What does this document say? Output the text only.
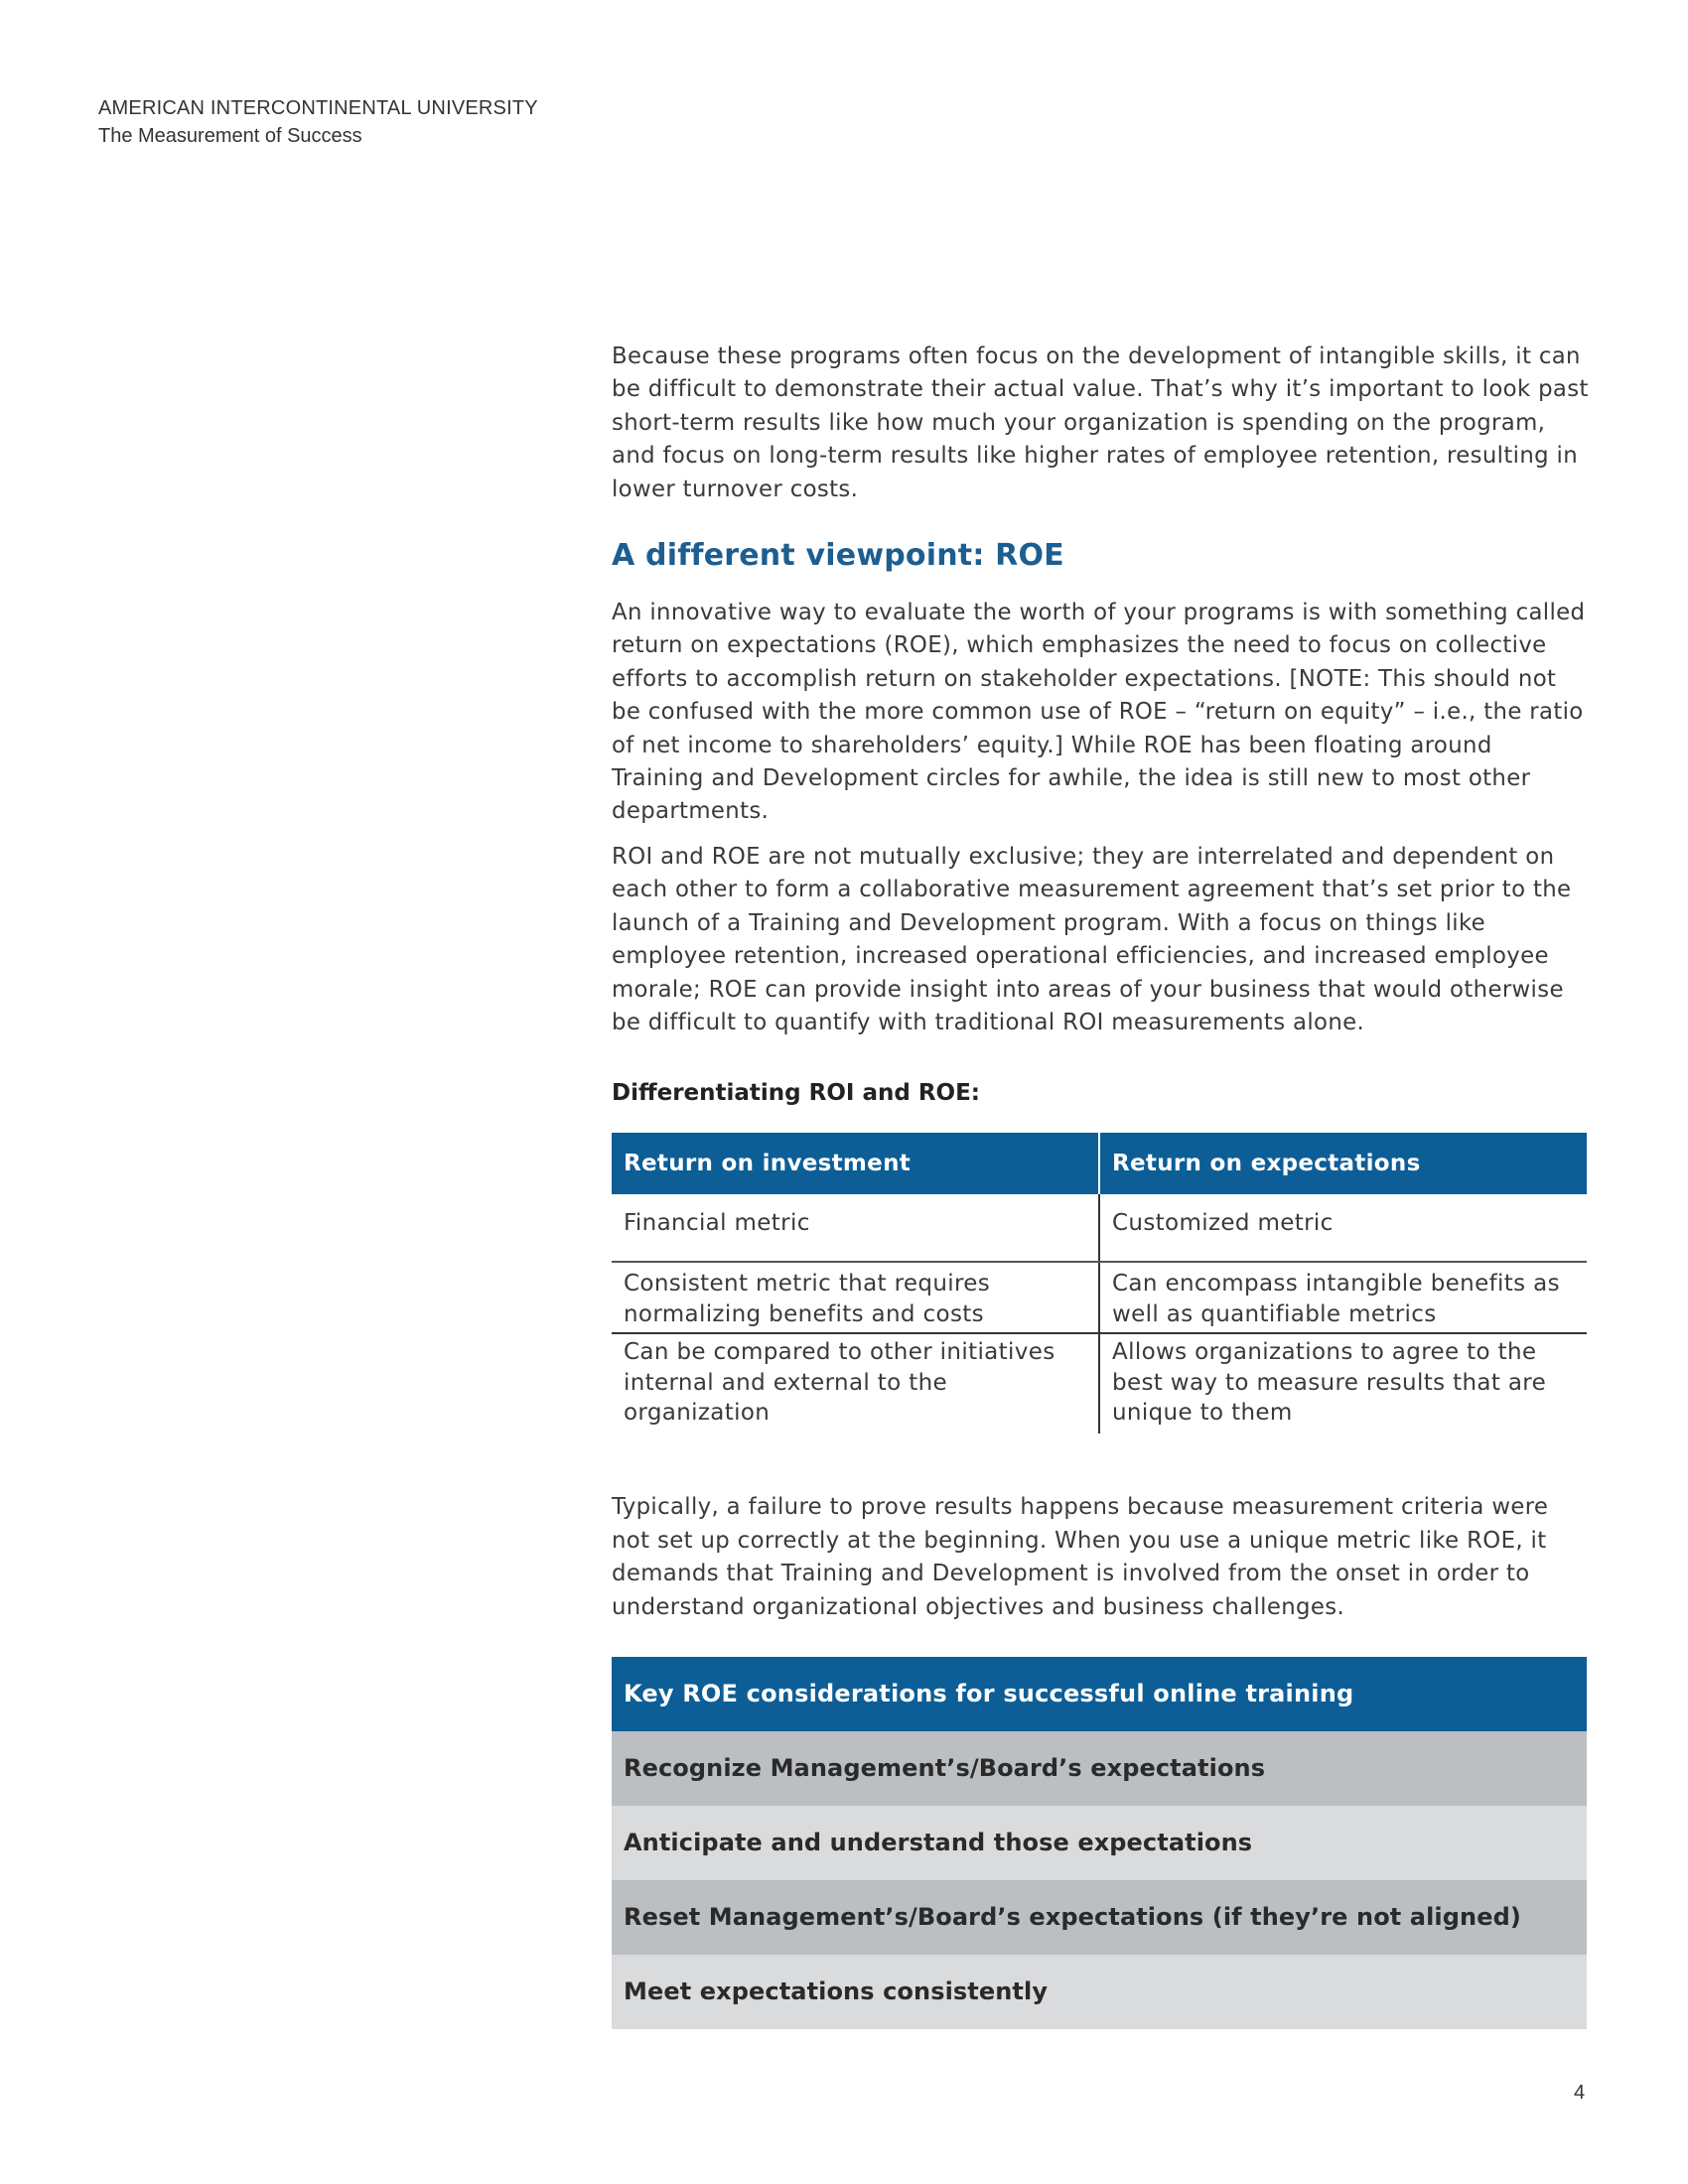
AMERICAN INTERCONTINENTAL UNIVERSITY
The Measurement of Success

Because these programs often focus on the development of intangible skills, it can be difficult to demonstrate their actual value. That’s why it’s important to look past short-term results like how much your organization is spending on the program, and focus on long-term results like higher rates of employee retention, resulting in lower turnover costs.

A different viewpoint: ROE

An innovative way to evaluate the worth of your programs is with something called return on expectations (ROE), which emphasizes the need to focus on collective efforts to accomplish return on stakeholder expectations. [NOTE: This should not be confused with the more common use of ROE – “return on equity” – i.e., the ratio of net income to shareholders’ equity.] While ROE has been floating around Training and Development circles for awhile, the idea is still new to most other departments.

ROI and ROE are not mutually exclusive; they are interrelated and dependent on each other to form a collaborative measurement agreement that’s set prior to the launch of a Training and Development program. With a focus on things like employee retention, increased operational efficiencies, and increased employee morale; ROE can provide insight into areas of your business that would otherwise be difficult to quantify with traditional ROI measurements alone.

Differentiating ROI and ROE:
Return on investment	Return on expectations
Financial metric	Customized metric
Consistent metric that requires normalizing benefits and costs	Can encompass intangible benefits as well as quantifiable metrics
Can be compared to other initiatives internal and external to the organization	Allows organizations to agree to the best way to measure results that are unique to them

Typically, a failure to prove results happens because measurement criteria were not set up correctly at the beginning. When you use a unique metric like ROE, it demands that Training and Development is involved from the onset in order to understand organizational objectives and business challenges.

Key ROE considerations for successful online training
Recognize Management’s/Board’s expectations
Anticipate and understand those expectations
Reset Management’s/Board’s expectations (if they’re not aligned)
Meet expectations consistently
4
